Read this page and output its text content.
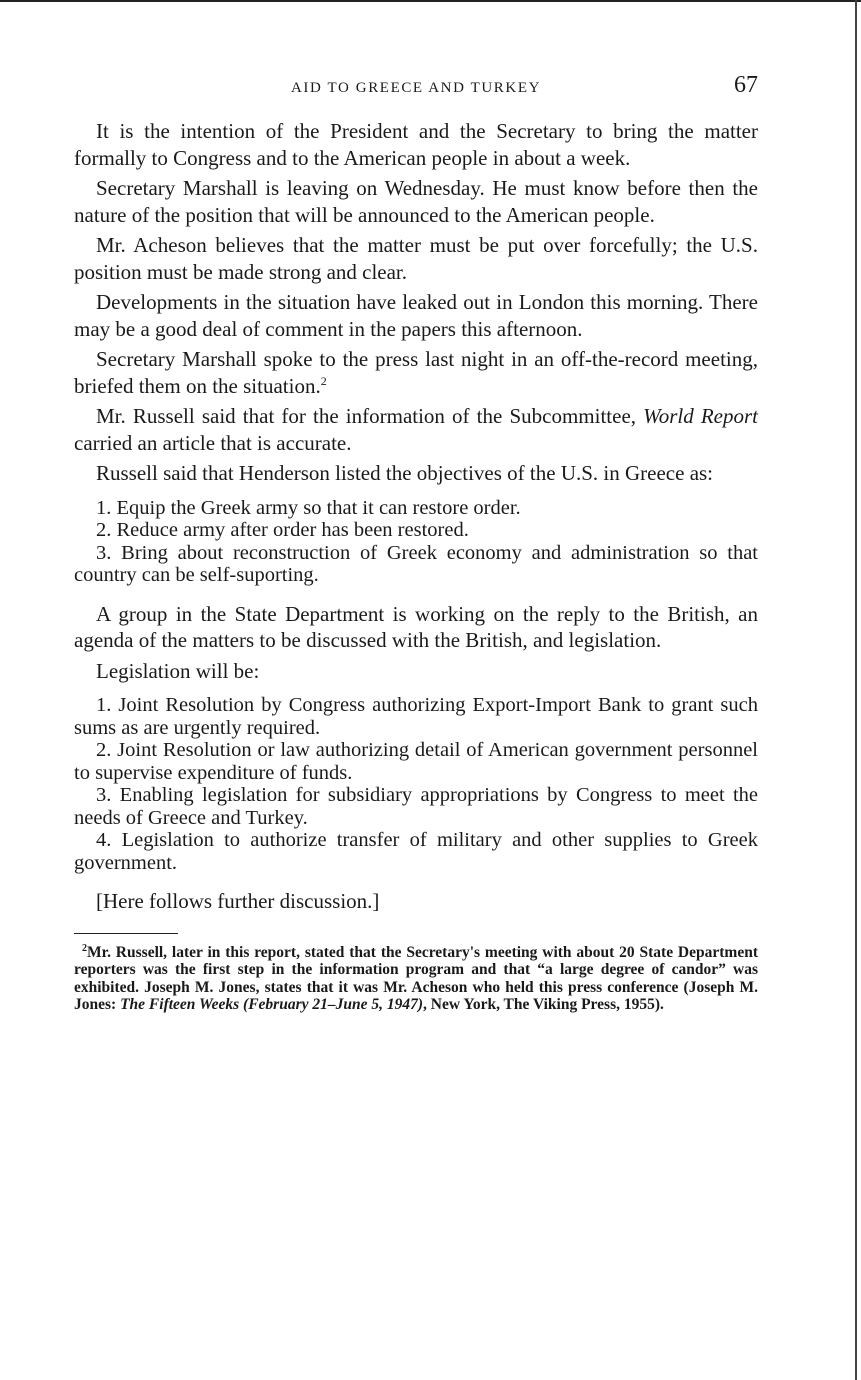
AID TO GREECE AND TURKEY	67

It is the intention of the President and the Secretary to bring the matter formally to Congress and to the American people in about a week.

Secretary Marshall is leaving on Wednesday. He must know before then the nature of the position that will be announced to the American people.

Mr. Acheson believes that the matter must be put over forcefully; the U.S. position must be made strong and clear.

Developments in the situation have leaked out in London this morning. There may be a good deal of comment in the papers this afternoon.

Secretary Marshall spoke to the press last night in an off-the-record meeting, briefed them on the situation.$^2$

Mr. Russell said that for the information of the Subcommittee, World Report carried an article that is accurate.

Russell said that Henderson listed the objectives of the U.S. in Greece as:

1. Equip the Greek army so that it can restore order.

2. Reduce army after order has been restored.

3. Bring about reconstruction of Greek economy and administration so that country can be self-suporting.

A group in the State Department is working on the reply to the British, an agenda of the matters to be discussed with the British, and legislation.

Legislation will be:

1. Joint Resolution by Congress authorizing Export-Import Bank to grant such sums as are urgently required.

2. Joint Resolution or law authorizing detail of American government personnel to supervise expenditure of funds.

3. Enabling legislation for subsidiary appropriations by Congress to meet the needs of Greece and Turkey.

4. Legislation to authorize transfer of military and other supplies to Greek government.

[Here follows further discussion.]

$^2$Mr. Russell, later in this report, stated that the Secretary's meeting with about 20 State Department reporters was the first step in the information program and that “a large degree of candor” was exhibited. Joseph M. Jones, states that it was Mr. Acheson who held this press conference (Joseph M. Jones: The Fifteen Weeks (February 21–June 5, 1947), New York, The Viking Press, 1955).
